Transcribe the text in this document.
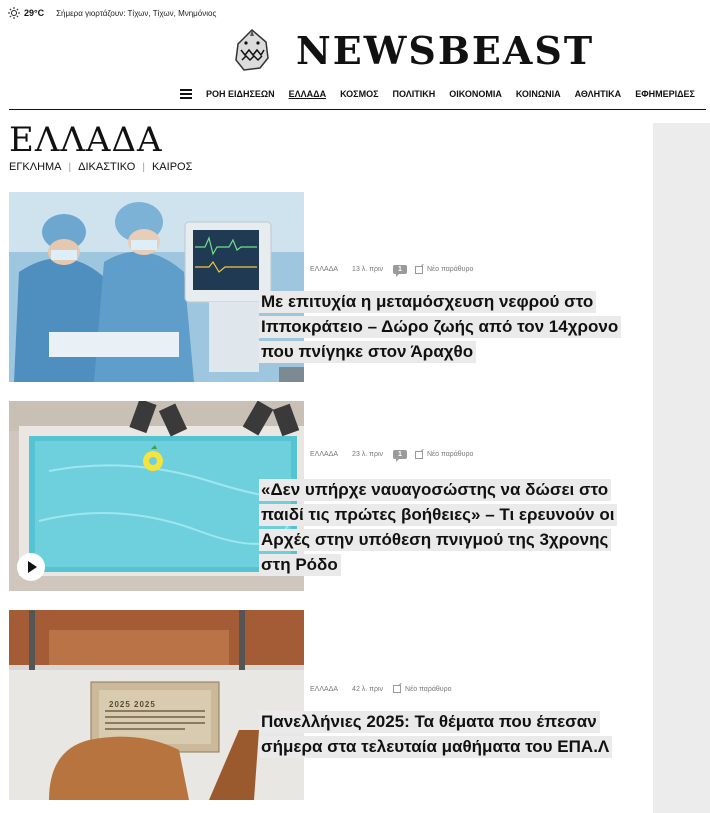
29°C Σήμερα γιορτάζουν: Τίχων, Τίχων, Μνημόνιος
NEWSBEAST
ΡΟΗ ΕΙΔΗΣΕΩΝ ΕΛΛΑΔΑ ΚΟΣΜΟΣ ΠΟΛΙΤΙΚΗ ΟΙΚΟΝΟΜΙΑ ΚΟΙΝΩΝΙΑ ΑΘΛΗΤΙΚΑ ΕΦΗΜΕΡΙΔΕΣ
ΕΛΛΑΔΑ
ΕΓΚΛΗΜΑ | ΔΙΚΑΣΤΙΚΟ | ΚΑΙΡΟΣ
ΕΛΛΑΔΑ 13 λ. πριν	1	Νέο παράθυρο
Με επιτυχία η μεταμόσχευση νεφρού στο Ιπποκράτειο – Δώρο ζωής από τον 14χρονο που πνίγηκε στον Άραχθο
ΕΛΛΑΔΑ 23 λ. πριν	1	Νέο παράθυρο
«Δεν υπήρχε ναυαγοσώστης να δώσει στο παιδί τις πρώτες βοήθειες» – Τι ερευνούν οι Αρχές στην υπόθεση πνιγμού της 3χρονης στη Ρόδο
2025 2025
ΕΛΛΑΔΑ 42 λ. πριν	Νέο παράθυρο
Πανελλήνιες 2025: Τα θέματα που έπεσαν σήμερα στα τελευταία μαθήματα του ΕΠΑ.Λ
